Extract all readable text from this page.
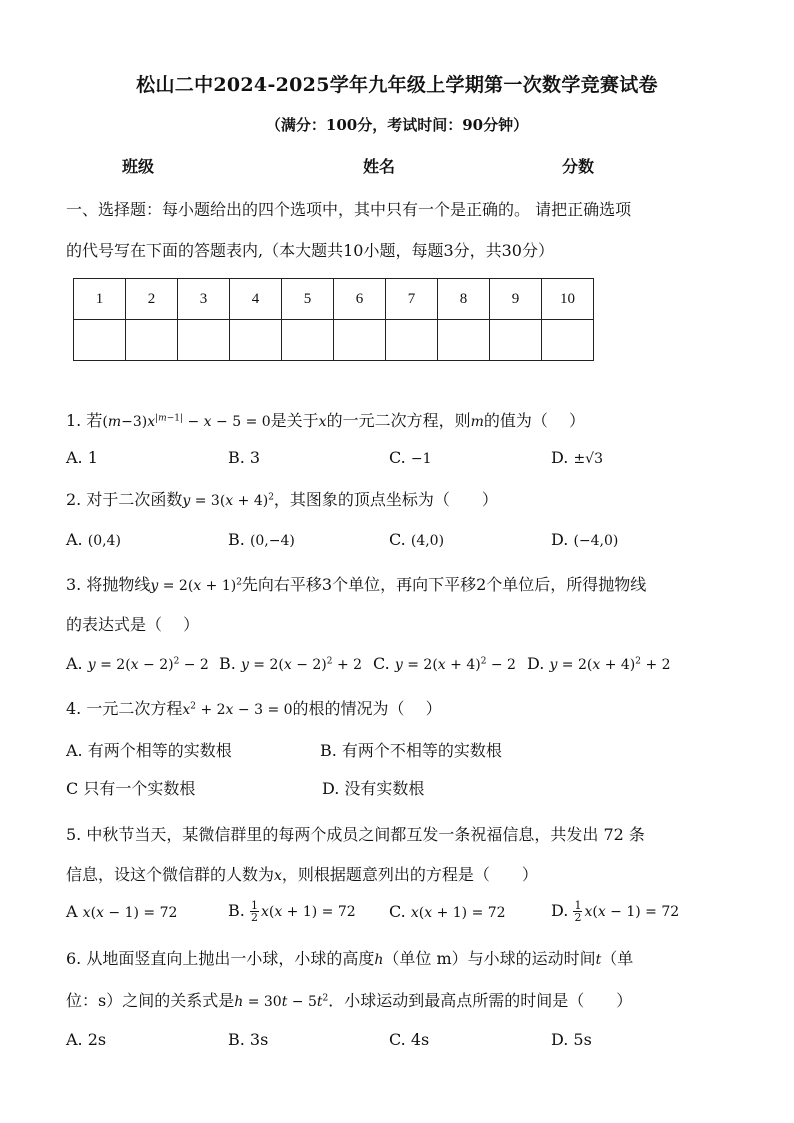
松山二中2024-2025学年九年级上学期第一次数学竞赛试卷
（满分：100分，考试时间：90分钟）
班级	姓名	分数
一、选择题：每小题给出的四个选项中，其中只有一个是正确的。 请把正确选项
的代号写在下面的答题表内,（本大题共10小题，每题3分，共30分）
1	2	3	4	5	6	7	8	9	10

1. 若$(m-3)x^{|m-1|} - x - 5 = 0$是关于x的一元二次方程，则m的值为（　 ）
A. 1	B. 3	C. −1	D. ±√3
2. 对于二次函数$y = 3(x + 4)^2$，其图象的顶点坐标为（　　）
A. (0,4)	B. (0,−4)	C. (4,0)	D. (−4,0)
3. 将抛物线$y = 2(x + 1)^2$先向右平移3个单位，再向下平移2个单位后，所得抛物线
的表达式是（　 ）
A. $y = 2(x - 2)^2 - 2$ B. $y = 2(x - 2)^2 + 2$ C. $y = 2(x + 4)^2 - 2$ D. $y = 2(x + 4)^2 + 2$
4. 一元二次方程$x^2 + 2x - 3 = 0$的根的情况为（　 ）
A. 有两个相等的实数根	B. 有两个不相等的实数根
C 只有一个实数根	D. 没有实数根
5. 中秋节当天，某微信群里的每两个成员之间都互发一条祝福信息，共发出 72 条
信息，设这个微信群的人数为x，则根据题意列出的方程是（　　）
A x(x − 1) = 72	B. $\frac{1}{2} x(x + 1) = 72$ C. x(x + 1) = 72	D. $\frac{1}{2} x(x - 1) = 72$
6. 从地面竖直向上抛出一小球，小球的高度h（单位 m）与小球的运动时间t（单
位：s）之间的关系式是$h = 30t - 5t^2$．小球运动到最高点所需的时间是（　　）
A. 2s	B. 3s	C. 4s	D. 5s
